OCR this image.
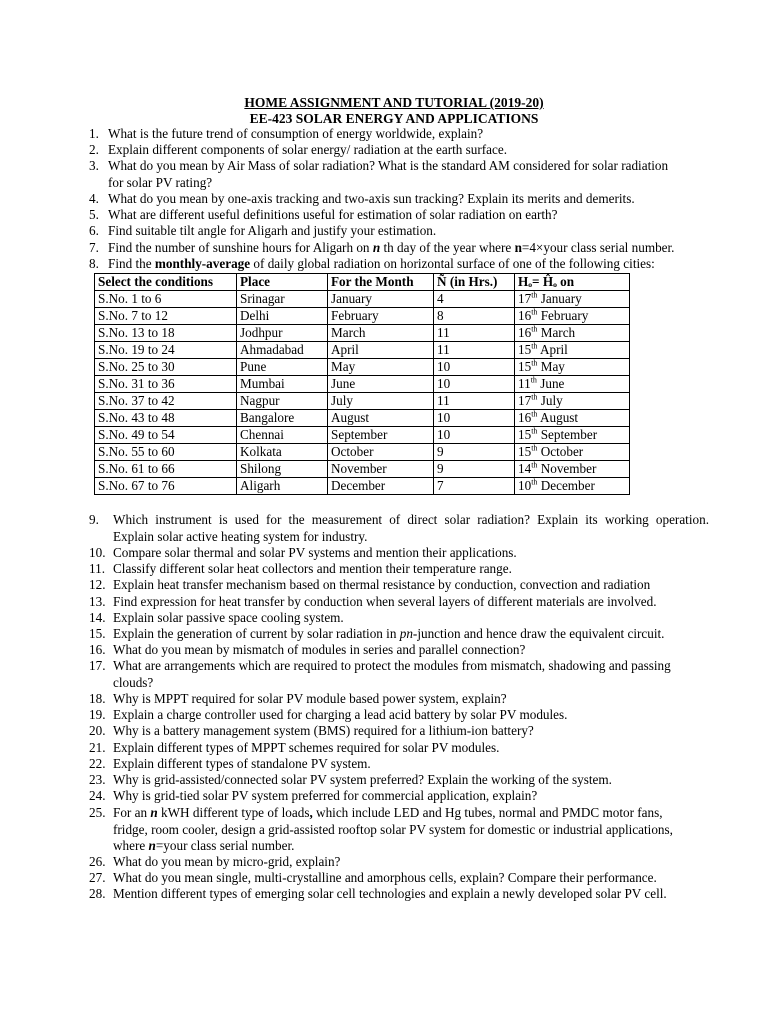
HOME ASSIGNMENT AND TUTORIAL (2019-20)
EE-423 SOLAR ENERGY AND APPLICATIONS
1. What is the future trend of consumption of energy worldwide, explain?
2. Explain different components of solar energy/ radiation at the earth surface.
3. What do you mean by Air Mass of solar radiation? What is the standard AM considered for solar radiation
for solar PV rating?
4. What do you mean by one-axis tracking and two-axis sun tracking? Explain its merits and demerits.
5. What are different useful definitions useful for estimation of solar radiation on earth?
6. Find suitable tilt angle for Aligarh and justify your estimation.
7. Find the number of sunshine hours for Aligarh on n th day of the year where n=4×your class serial number.
8. Find the monthly-average of daily global radiation on horizontal surface of one of the following cities:
Select the conditions	Place	For the Month	Ñ (in Hrs.)	Hₒ= Ĥₒ on
S.No. 1 to 6	Srinagar	January	4	17th January
S.No. 7 to 12	Delhi	February	8	16th February
S.No. 13 to 18	Jodhpur	March	11	16th March
S.No. 19 to 24	Ahmadabad	April	11	15th April
S.No. 25 to 30	Pune	May	10	15th May
S.No. 31 to 36	Mumbai	June	10	11th June
S.No. 37 to 42	Nagpur	July	11	17th July
S.No. 43 to 48	Bangalore	August	10	16th August
S.No. 49 to 54	Chennai	September	10	15th September
S.No. 55 to 60	Kolkata	October	9	15th October
S.No. 61 to 66	Shilong	November	9	14th November
S.No. 67 to 76	Aligarh	December	7	10th December
9. Which instrument is used for the measurement of direct solar radiation? Explain its working operation.
Explain solar active heating system for industry.
10. Compare solar thermal and solar PV systems and mention their applications.
11. Classify different solar heat collectors and mention their temperature range.
12. Explain heat transfer mechanism based on thermal resistance by conduction, convection and radiation
13. Find expression for heat transfer by conduction when several layers of different materials are involved.
14. Explain solar passive space cooling system.
15. Explain the generation of current by solar radiation in pn-junction and hence draw the equivalent circuit.
16. What do you mean by mismatch of modules in series and parallel connection?
17. What are arrangements which are required to protect the modules from mismatch, shadowing and passing
clouds?
18. Why is MPPT required for solar PV module based power system, explain?
19. Explain a charge controller used for charging a lead acid battery by solar PV modules.
20. Why is a battery management system (BMS) required for a lithium-ion battery?
21. Explain different types of MPPT schemes required for solar PV modules.
22. Explain different types of standalone PV system.
23. Why is grid-assisted/connected solar PV system preferred? Explain the working of the system.
24. Why is grid-tied solar PV system preferred for commercial application, explain?
25. For an n kWH different type of loads, which include LED and Hg tubes, normal and PMDC motor fans,
fridge, room cooler, design a grid-assisted rooftop solar PV system for domestic or industrial applications,
where n=your class serial number.
26. What do you mean by micro-grid, explain?
27. What do you mean single, multi-crystalline and amorphous cells, explain? Compare their performance.
28. Mention different types of emerging solar cell technologies and explain a newly developed solar PV cell.
